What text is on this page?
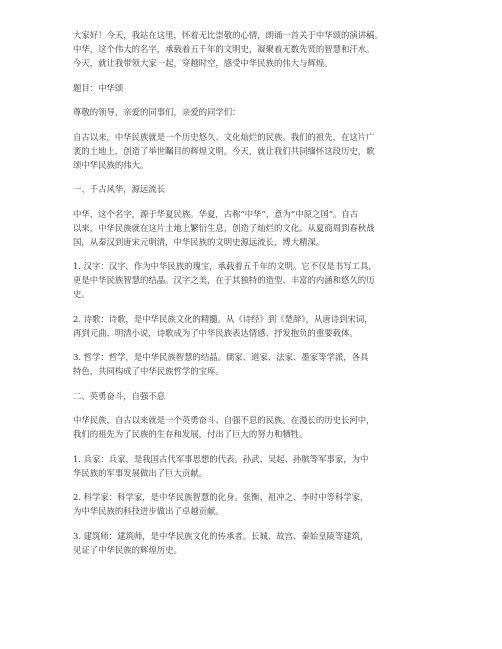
大家好！今天，我站在这里，怀着无比崇敬的心情，朗诵一首关于中华颂的演讲稿。
中华，这个伟大的名字，承载着五千年的文明史，凝聚着无数先贤的智慧和汗水。
今天，就让我带领大家一起，穿越时空，感受中华民族的伟大与辉煌。

题目：中华颂

尊敬的领导，亲爱的同事们，亲爱的同学们：

自古以来，中华民族就是一个历史悠久、文化灿烂的民族。我们的祖先，在这片广
袤的土地上，创造了举世瞩目的辉煌文明。今天，就让我们共同缅怀这段历史，歌
颂中华民族的伟大。

一、千古风华，源远流长

中华，这个名字，源于华夏民族。华夏，古称“中华”，意为“中原之国”。自古
以来，中华民族就在这片土地上繁衍生息，创造了灿烂的文化。从夏商周到春秋战
国，从秦汉到唐宋元明清，中华民族的文明史源远流长，博大精深。

1. 汉字：汉字，作为中华民族的瑰宝，承载着五千年的文明。它不仅是书写工具，
更是中华民族智慧的结晶。汉字之美，在于其独特的造型、丰富的内涵和悠久的历
史。

2. 诗歌：诗歌，是中华民族文化的精髓。从《诗经》到《楚辞》，从唐诗到宋词，
再到元曲、明清小说，诗歌成为了中华民族表达情感、抒发抱负的重要载体。

3. 哲学：哲学，是中华民族智慧的结晶。儒家、道家、法家、墨家等学派，各具
特色，共同构成了中华民族哲学的宝库。

二、英勇奋斗，自强不息

中华民族，自古以来就是一个英勇奋斗、自强不息的民族。在漫长的历史长河中，
我们的祖先为了民族的生存和发展，付出了巨大的努力和牺牲。

1. 兵家：兵家，是我国古代军事思想的代表。孙武、吴起、孙膑等军事家，为中
华民族的军事发展做出了巨大贡献。

2. 科学家：科学家，是中华民族智慧的化身。张衡、祖冲之、李时中等科学家，
为中华民族的科技进步做出了卓越贡献。

3. 建筑师：建筑师，是中华民族文化的传承者。长城、故宫、秦始皇陵等建筑，
见证了中华民族的辉煌历史。
